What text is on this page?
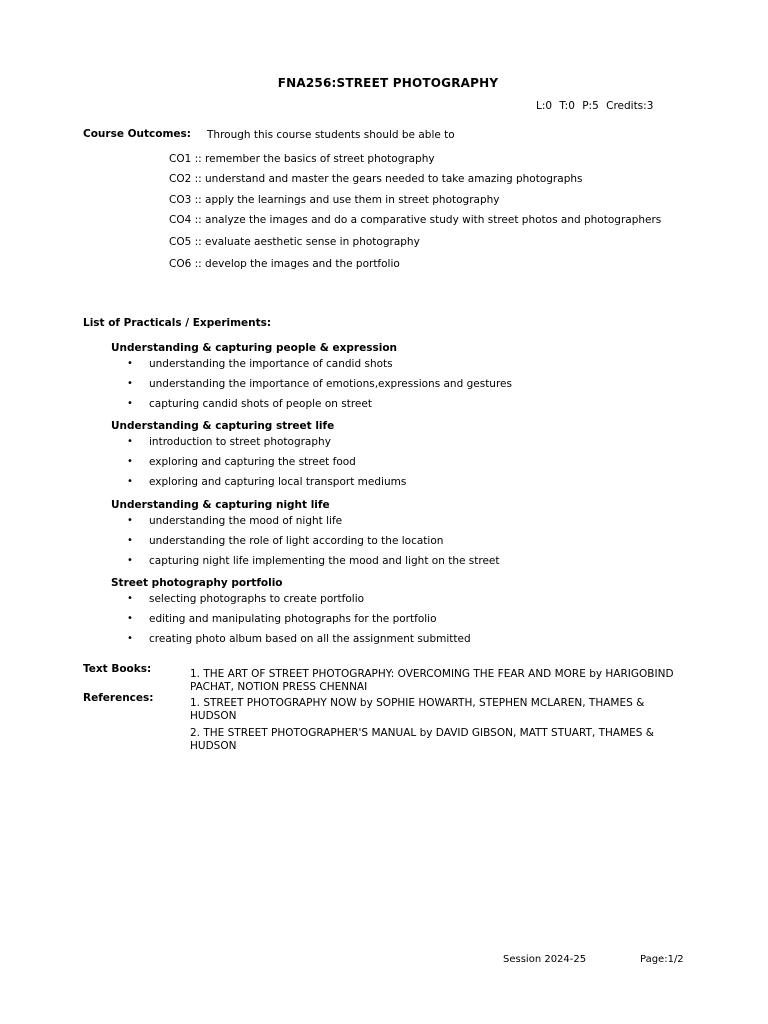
FNA256:STREET PHOTOGRAPHY
L:0 T:0 P:5 Credits:3
Course Outcomes: Through this course students should be able to
CO1 :: remember the basics of street photography
CO2 :: understand and master the gears needed to take amazing photographs
CO3 :: apply the learnings and use them in street photography
CO4 :: analyze the images and do a comparative study with street photos and photographers
CO5 :: evaluate aesthetic sense in photography
CO6 :: develop the images and the portfolio
List of Practicals / Experiments:
Understanding & capturing people & expression
• understanding the importance of candid shots
• understanding the importance of emotions,expressions and gestures
• capturing candid shots of people on street
Understanding & capturing street life
• introduction to street photography
• exploring and capturing the street food
• exploring and capturing local transport mediums
Understanding & capturing night life
• understanding the mood of night life
• understanding the role of light according to the location
• capturing night life implementing the mood and light on the street
Street photography portfolio
• selecting photographs to create portfolio
• editing and manipulating photographs for the portfolio
• creating photo album based on all the assignment submitted
Text Books:	1. THE ART OF STREET PHOTOGRAPHY: OVERCOMING THE FEAR AND MORE by HARIGOBIND PACHAT, NOTION PRESS CHENNAI
References:	1. STREET PHOTOGRAPHY NOW by SOPHIE HOWARTH, STEPHEN MCLAREN, THAMES & HUDSON
2. THE STREET PHOTOGRAPHER'S MANUAL by DAVID GIBSON, MATT STUART, THAMES & HUDSON
Session 2024-25	Page:1/2
